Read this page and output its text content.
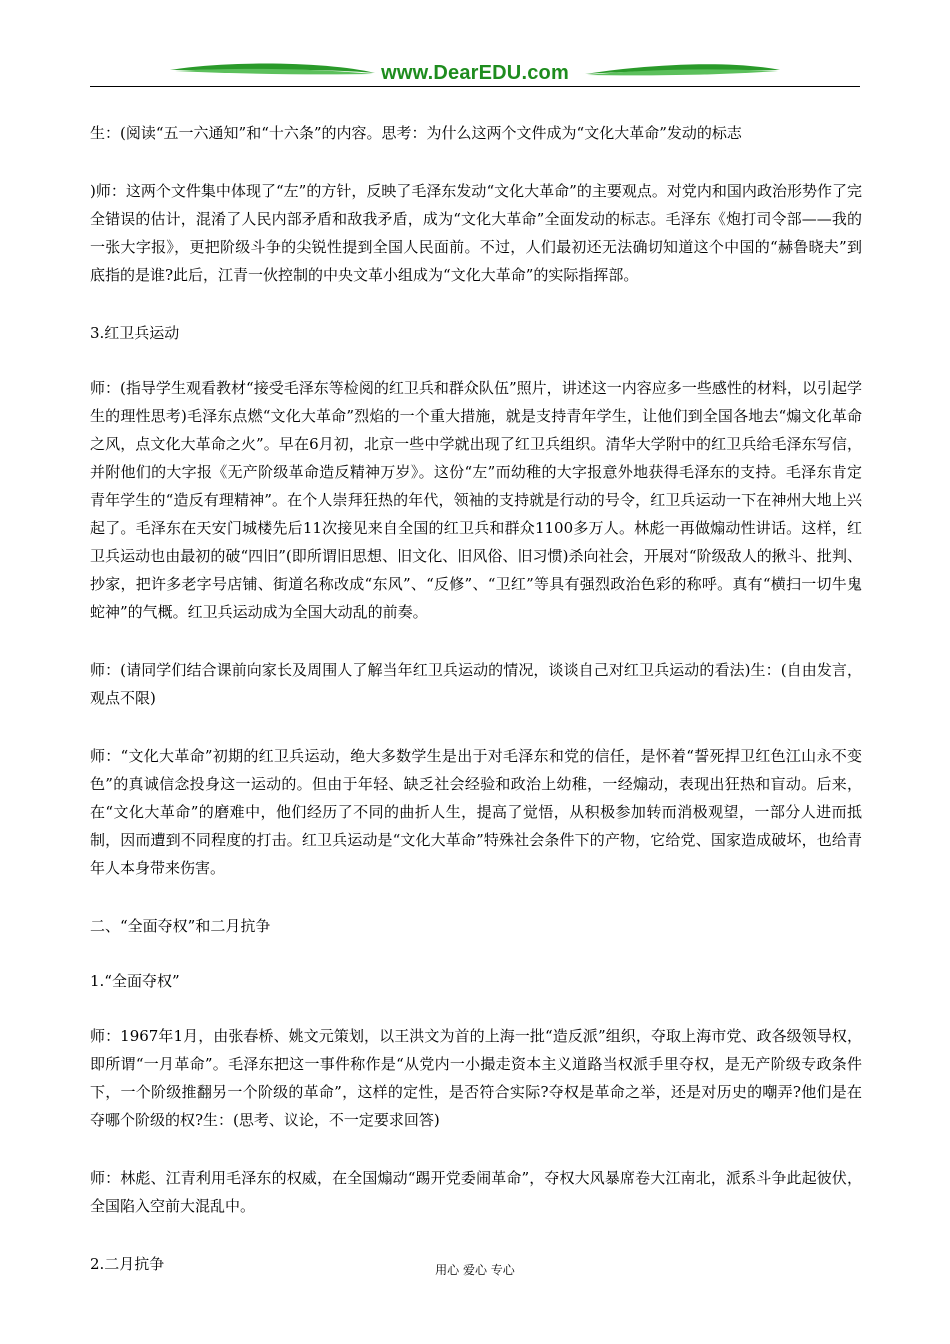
www.DearEDU.com

生：(阅读“五一六通知”和“十六条”的内容。思考：为什么这两个文件成为“文化大革命”发动的标志

)师：这两个文件集中体现了“左”的方针，反映了毛泽东发动“文化大革命”的主要观点。对党内和国内政治形势作了完全错误的估计，混淆了人民内部矛盾和敌我矛盾，成为“文化大革命”全面发动的标志。毛泽东《炮打司令部——我的一张大字报》，更把阶级斗争的尖锐性提到全国人民面前。不过，人们最初还无法确切知道这个中国的“赫鲁晓夫”到底指的是谁?此后，江青一伙控制的中央文革小组成为“文化大革命”的实际指挥部。

3.红卫兵运动

师：(指导学生观看教材“接受毛泽东等检阅的红卫兵和群众队伍”照片，讲述这一内容应多一些感性的材料，以引起学生的理性思考)毛泽东点燃“文化大革命”烈焰的一个重大措施，就是支持青年学生，让他们到全国各地去“煽文化革命之风，点文化大革命之火”。早在6月初，北京一些中学就出现了红卫兵组织。清华大学附中的红卫兵给毛泽东写信，并附他们的大字报《无产阶级革命造反精神万岁》。这份“左”而幼稚的大字报意外地获得毛泽东的支持。毛泽东肯定青年学生的“造反有理精神”。在个人崇拜狂热的年代，领袖的支持就是行动的号令，红卫兵运动一下在神州大地上兴起了。毛泽东在天安门城楼先后11次接见来自全国的红卫兵和群众1100多万人。林彪一再做煽动性讲话。这样，红卫兵运动也由最初的破“四旧”(即所谓旧思想、旧文化、旧风俗、旧习惯)杀向社会，开展对“阶级敌人的揪斗、批判、抄家，把许多老字号店铺、街道名称改成“东风”、“反修”、“卫红”等具有强烈政治色彩的称呼。真有“横扫一切牛鬼蛇神”的气概。红卫兵运动成为全国大动乱的前奏。

师：(请同学们结合课前向家长及周围人了解当年红卫兵运动的情况，谈谈自己对红卫兵运动的看法)生：(自由发言，观点不限)

师：“文化大革命”初期的红卫兵运动，绝大多数学生是出于对毛泽东和党的信任，是怀着“誓死捍卫红色江山永不变色”的真诚信念投身这一运动的。但由于年轻、缺乏社会经验和政治上幼稚，一经煽动，表现出狂热和盲动。后来，在“文化大革命”的磨难中，他们经历了不同的曲折人生，提高了觉悟，从积极参加转而消极观望，一部分人进而抵制，因而遭到不同程度的打击。红卫兵运动是“文化大革命”特殊社会条件下的产物，它给党、国家造成破坏，也给青年人本身带来伤害。

二、“全面夺权”和二月抗争

1.“全面夺权”

师：1967年1月，由张春桥、姚文元策划，以王洪文为首的上海一批“造反派”组织，夺取上海市党、政各级领导权，即所谓“一月革命”。毛泽东把这一事件称作是“从党内一小撮走资本主义道路当权派手里夺权，是无产阶级专政条件下，一个阶级推翻另一个阶级的革命”，这样的定性，是否符合实际?夺权是革命之举，还是对历史的嘲弄?他们是在夺哪个阶级的权?生：(思考、议论，不一定要求回答)

师：林彪、江青利用毛泽东的权威，在全国煽动“踢开党委闹革命”，夺权大风暴席卷大江南北，派系斗争此起彼伏，全国陷入空前大混乱中。

2.二月抗争	用心 爱心 专心
